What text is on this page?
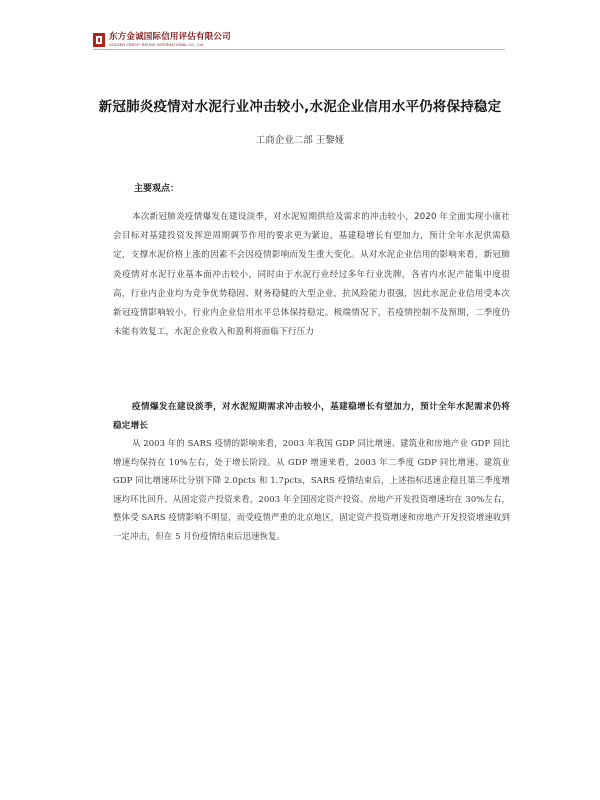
东方金诚国际信用评估有限公司
GOLDEN CREDIT RATING INTERNATIONAL CO., Ltd.
新冠肺炎疫情对水泥行业冲击较小,水泥企业信用水平仍将保持稳定
工商企业二部 王黎娅
主要观点：

本次新冠肺炎疫情爆发在建设淡季，对水泥短期供给及需求的冲击较小，2020 年全面实现小康社会目标对基建投资发挥逆周期调节作用的要求更为紧迫，基建稳增长有望加力，预计全年水泥供需稳定，支撑水泥价格上涨的因素不会因疫情影响而发生重大变化。从对水泥企业信用的影响来看，新冠肺炎疫情对水泥行业基本面冲击较小，同时由于水泥行业经过多年行业洗牌，各省内水泥产能集中度很高，行业内企业均为竞争优势稳固、财务稳健的大型企业，抗风险能力很强，因此水泥企业信用受本次新冠疫情影响较小，行业内企业信用水平总体保持稳定。极端情况下，若疫情控制不及预期，二季度仍未能有效复工，水泥企业收入和盈利将面临下行压力

疫情爆发在建设淡季，对水泥短期需求冲击较小，基建稳增长有望加力，预计全年水泥需求仍将稳定增长

从 2003 年的 SARS 疫情的影响来看，2003 年我国 GDP 同比增速、建筑业和房地产业 GDP 同比增速均保持在 10%左右，处于增长阶段。从 GDP 增速来看，2003 年二季度 GDP 同比增速、建筑业 GDP 同比增速环比分别下降 2.0pcts 和 1.7pcts，SARS 疫情结束后，上述指标迅速企稳且第三季度增速均环比回升。从固定资产投资来看，2003 年全国固定资产投资、房地产开发投资增速均在 30%左右，整体受 SARS 疫情影响不明显，而受疫情严重的北京地区，固定资产投资增速和房地产开发投资增速收到一定冲击，但在 5 月份疫情结束后迅速恢复。
